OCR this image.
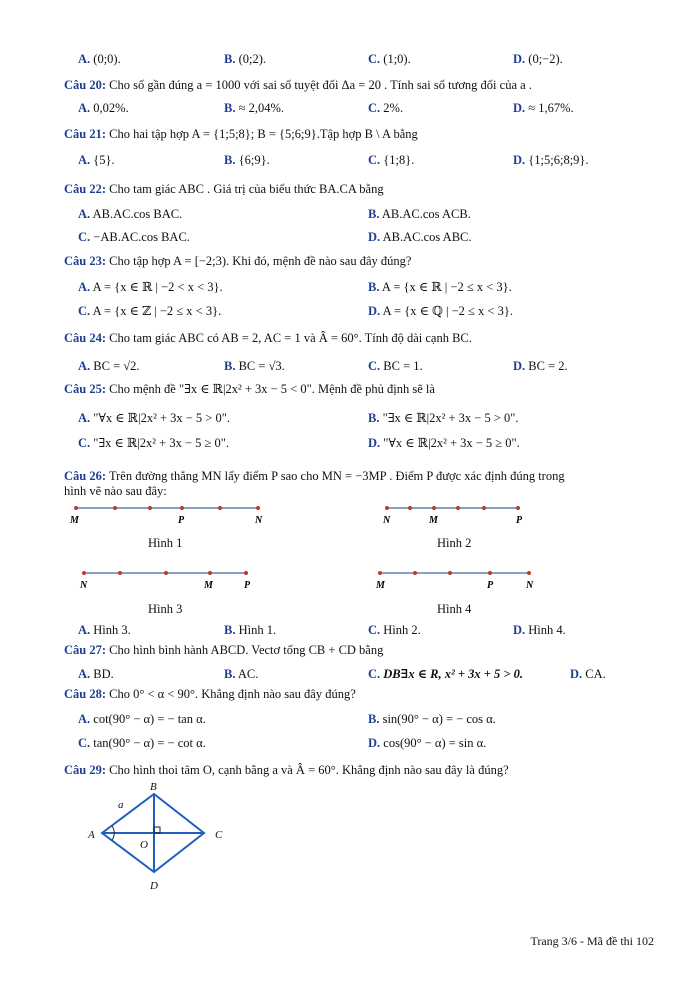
A. (0;0).	B. (0;2).	C. (1;0).	D. (0;−2).
Câu 20: Cho số gần đúng a = 1000 với sai số tuyệt đối Δa = 20 . Tính sai số tương đối của a .
A. 0,02%.	B. ≈ 2,04%.	C. 2%.	D. ≈ 1,67%.
Câu 21: Cho hai tập hợp A = {1;5;8}; B = {5;6;9}.Tập hợp B \ A bằng
A. {5}.	B. {6;9}.	C. {1;8}.	D. {1;5;6;8;9}.
Câu 22: Cho tam giác ABC . Giá trị của biểu thức BA.CA bằng
A. AB.AC.cos BAC.	B. AB.AC.cos ACB.
C. −AB.AC.cos BAC.	D. AB.AC.cos ABC.
Câu 23: Cho tập hợp A = [−2;3). Khi đó, mệnh đề nào sau đây đúng?
A. A = {x ∈ ℝ | −2 < x < 3}.	B. A = {x ∈ ℝ | −2 ≤ x < 3}.
C. A = {x ∈ ℤ | −2 ≤ x < 3}.	D. A = {x ∈ ℚ | −2 ≤ x < 3}.
Câu 24: Cho tam giác ABC có AB = 2, AC = 1 và Â = 60°. Tính độ dài cạnh BC.
A. BC = √2.	B. BC = √3.	C. BC = 1.	D. BC = 2.
Câu 25: Cho mệnh đề "∃x ∈ ℝ|2x² + 3x − 5 < 0". Mệnh đề phủ định sẽ là
A. "∀x ∈ ℝ|2x² + 3x − 5 > 0".	B. "∃x ∈ ℝ|2x² + 3x − 5 > 0".
C. "∃x ∈ ℝ|2x² + 3x − 5 ≥ 0".	D. "∀x ∈ ℝ|2x² + 3x − 5 ≥ 0".
Câu 26: Trên đường thẳng MN lấy điểm P sao cho MN = −3MP . Điểm P được xác định đúng trong
hình vẽ nào sau đây:
M	P	N	N	M	P
N	M	P	M	P	N
Hình 1	Hình 2
Hình 3	Hình 4
A. Hình 3.	B. Hình 1.	C. Hình 2.	D. Hình 4.
Câu 27: Cho hình bình hành ABCD. Vectơ tổng CB + CD bằng
A. BD.	B. AC.	C. DB∃x ∈ R, x² + 3x + 5 > 0.	D. CA.
Câu 28: Cho 0° < α < 90°. Khẳng định nào sau đây đúng?
A. cot(90° − α) = − tan α.	B. sin(90° − α) = − cos α.
C. tan(90° − α) = − cot α.	D. cos(90° − α) = sin α.
Câu 29: Cho hình thoi tâm O, cạnh bằng a và Â = 60°. Khẳng định nào sau đây là đúng?
B
A	C
D
O
a
Trang 3/6 - Mã đề thi 102
